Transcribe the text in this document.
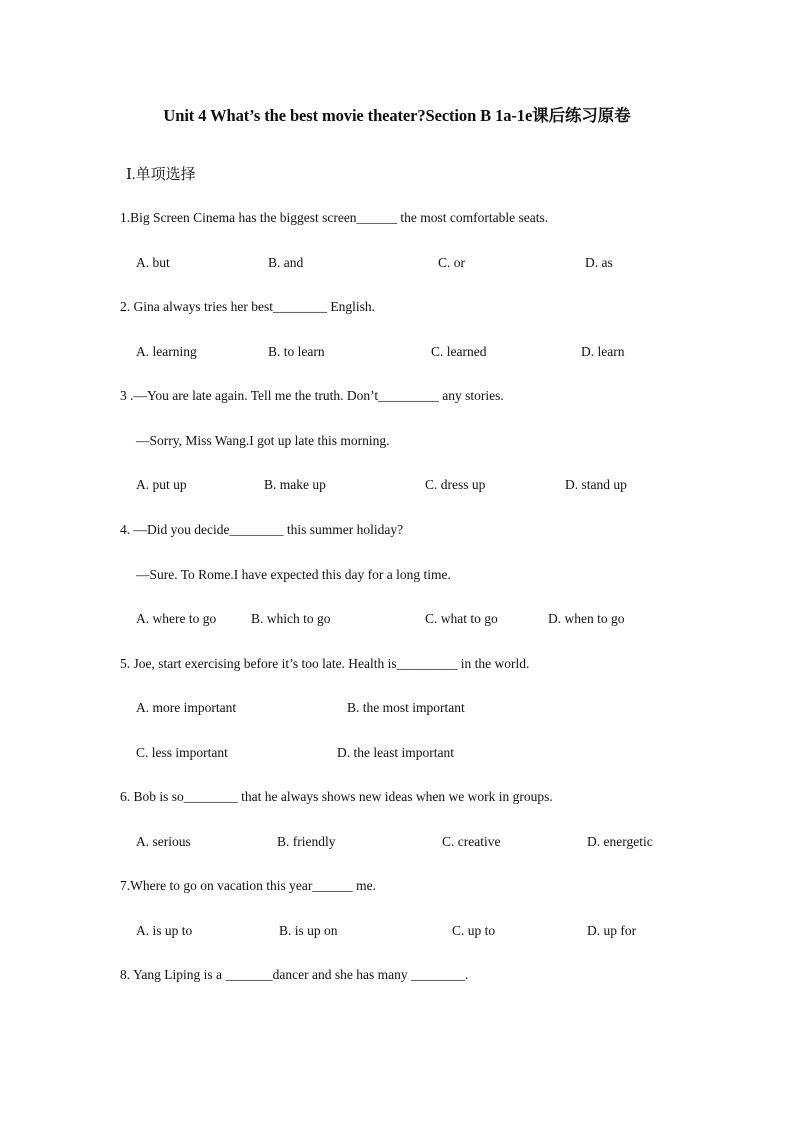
Unit 4 What’s the best movie theater?Section B 1a-1e课后练习原卷
Ⅰ.单项选择
1.Big Screen Cinema has the biggest screen______ the most comfortable seats.
A. but	B. and	C. or	D. as
2. Gina always tries her best________ English.
A. learning	B. to learn	C. learned	D. learn
3 .—You are late again. Tell me the truth. Don’t_________ any stories.
—Sorry, Miss Wang.I got up late this morning.
A. put up	B. make up	C. dress up	D. stand up
4. —Did you decide________ this summer holiday?
—Sure. To Rome.I have expected this day for a long time.
A. where to go	B. which to go	C. what to go	D. when to go
5. Joe, start exercising before it’s too late. Health is_________ in the world.
A. more important	B. the most important
C. less important	D. the least important
6. Bob is so________ that he always shows new ideas when we work in groups.
A. serious	B. friendly	C. creative	D. energetic
7.Where to go on vacation this year______ me.
A. is up to	B. is up on	C. up to	D. up for
8. Yang Liping is a _______dancer and she has many ________.
